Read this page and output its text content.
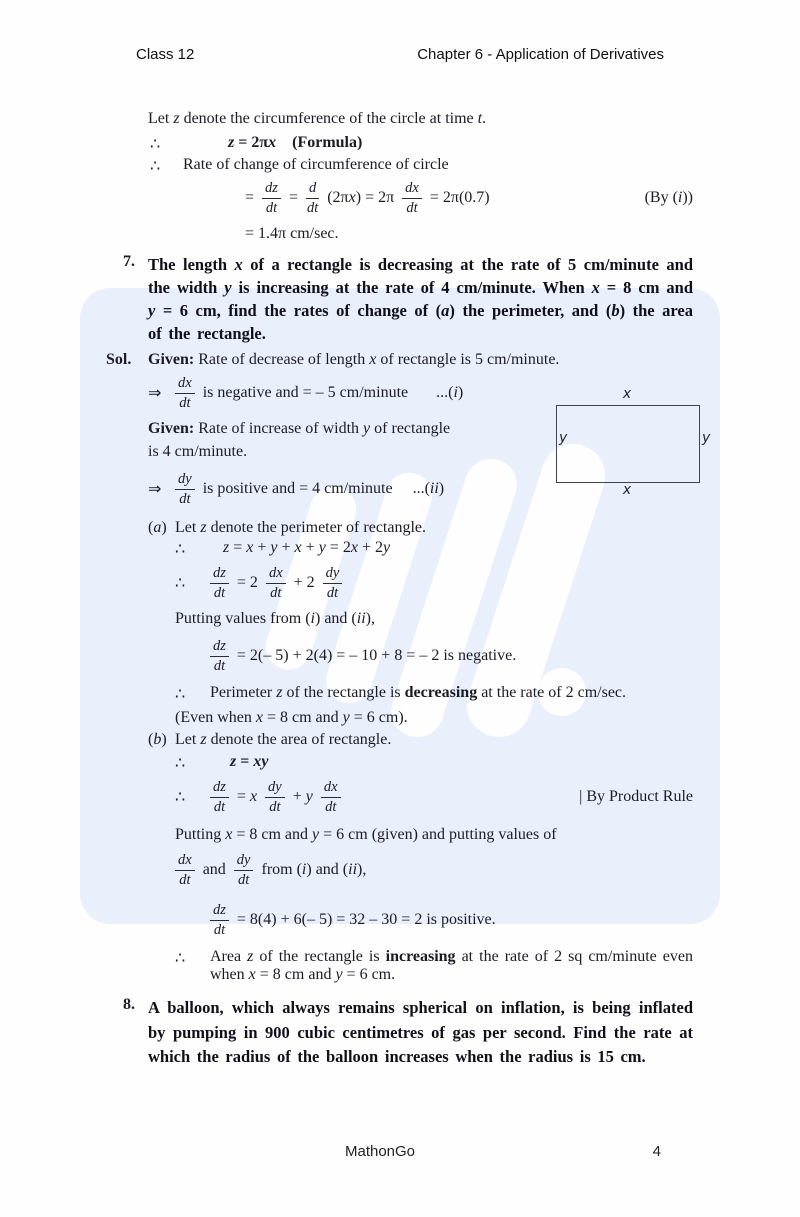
Class 12	Chapter 6 - Application of Derivatives
Let z denote the circumference of the circle at time t.
∴	z = 2πx (Formula)
∴	Rate of change of circumference of circle
= $\frac{dz}{dt} = \frac{d}{dt} (2\pi x) = 2\pi \frac{dx}{dt} = 2\pi(0.7)$	(By (i))
= 1.4π cm/sec.
7. The length x of a rectangle is decreasing at the rate of 5 cm/minute and the width y is increasing at the rate of 4 cm/minute. When x = 8 cm and y = 6 cm, find the rates of change of (a) the perimeter, and (b) the area of the rectangle.

Sol.	Given: Rate of decrease of length x of rectangle is 5 cm/minute.
⇒ $\frac{dx}{dt}$ is negative and = – 5 cm/minute ...(i)
Given: Rate of increase of width y of rectangle
is 4 cm/minute.
⇒ $\frac{dy}{dt}$ is positive and = 4 cm/minute ...(ii)
(a) Let z denote the perimeter of rectangle.
∴	z = x + y + x + y = 2x + 2y
∴	$\frac{dz}{dt} = 2 \frac{dx}{dt} + 2 \frac{dy}{dt}$
Putting values from (i) and (ii),
$\frac{dz}{dt} = 2(-$ 5) + 2(4) = – 10 + 8 = – 2 is negative.
∴	Perimeter z of the rectangle is decreasing at the rate of 2 cm/sec.

(Even when x = 8 cm and y = 6 cm).
(b) Let z denote the area of rectangle.
∴	z = xy
∴	$\frac{dz}{dt} = x \frac{dy}{dt} + y \frac{dx}{dt}$	| By Product Rule
Putting x = 8 cm and y = 6 cm (given) and putting values of
$\frac{dx}{dt}$ and $\frac{dy}{dt}$ from (i) and (ii),
$\frac{dz}{dt} = 8(4) + 6(-$ 5) = 32 – 30 = 2 is positive.
∴	Area z of the rectangle is increasing at the rate of 2 sq cm/minute even when x = 8 cm and y = 6 cm.

8. A balloon, which always remains spherical on inflation, is being inflated by pumping in 900 cubic centimetres of gas per second. Find the rate at which the radius of the balloon increases when the radius is 15 cm.

x
y	y
x
MathonGo	4
